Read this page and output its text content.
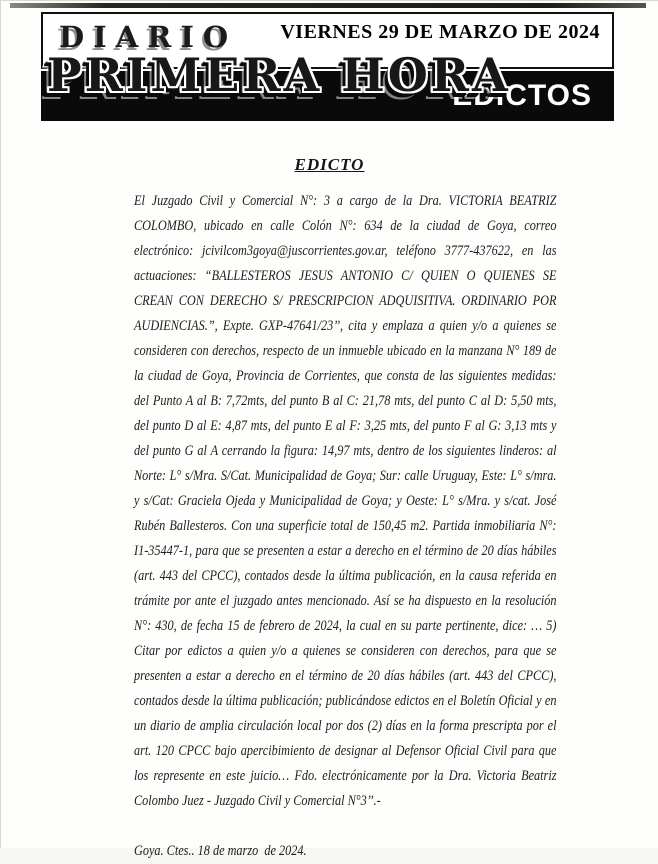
DIARIO VIERNES 29 DE MARZO DE 2024
EDICTOS
PRIMERA HORA
EDICTO

El Juzgado Civil y Comercial N°: 3 a cargo de la Dra. VICTORIA BEATRIZ COLOMBO, ubicado en calle Colón N°: 634 de la ciudad de Goya, correo electrónico: jcivilcom3goya@juscorrientes.gov.ar, teléfono 3777-437622, en las actuaciones: “BALLESTEROS JESUS ANTONIO C/ QUIEN O QUIENES SE CREAN CON DERECHO S/ PRESCRIPCION ADQUISITIVA. ORDINARIO POR AUDIENCIAS.”, Expte. GXP-47641/23’’, cita y emplaza a quien y/o a quienes se consideren con derechos, respecto de un inmueble ubicado en la manzana N° 189 de la ciudad de Goya, Provincia de Corrientes, que consta de las siguientes medidas: del Punto A al B: 7,72mts, del punto B al C: 21,78 mts, del punto C al D: 5,50 mts, del punto D al E: 4,87 mts, del punto E al F: 3,25 mts, del punto F al G: 3,13 mts y del punto G al A cerrando la figura: 14,97 mts, dentro de los siguientes linderos: al Norte: L° s/Mra. S/Cat. Municipalidad de Goya; Sur: calle Uruguay, Este: L° s/mra. y s/Cat: Graciela Ojeda y Municipalidad de Goya; y Oeste: L° s/Mra. y s/cat. José Rubén Ballesteros. Con una superficie total de 150,45 m2. Partida inmobiliaria N°: I1-35447-1, para que se presenten a estar a derecho en el término de 20 días hábiles (art. 443 del CPCC), contados desde la última publicación, en la causa referida en trámite por ante el juzgado antes mencionado. Así se ha dispuesto en la resolución N°: 430, de fecha 15 de febrero de 2024, la cual en su parte pertinente, dice: … 5) Citar por edictos a quien y/o a quienes se consideren con derechos, para que se presenten a estar a derecho en el término de 20 días hábiles (art. 443 del CPCC), contados desde la última publicación; publicándose edictos en el Boletín Oficial y en un diario de amplia circulación local por dos (2) días en la forma prescripta por el art. 120 CPCC bajo apercibimiento de designar al Defensor Oficial Civil para que los represente en este juicio… Fdo. electrónicamente por la Dra. Victoria Beatriz Colombo Juez - Juzgado Civil y Comercial N°3’’.-

Goya. Ctes.. 18 de marzo  de 2024.
